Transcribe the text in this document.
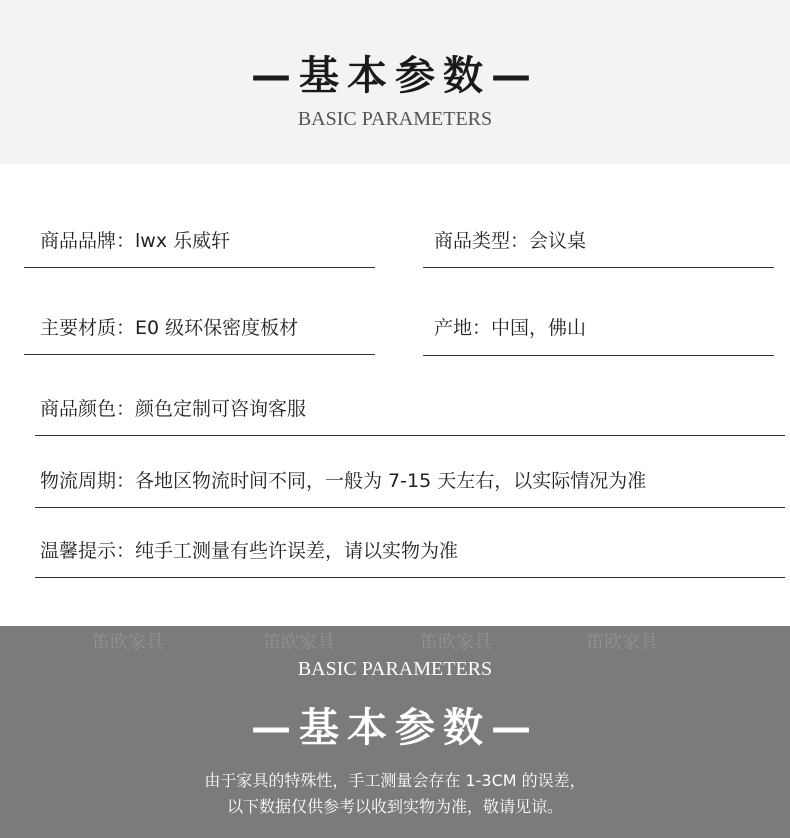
—基本参数—
BASIC PARAMETERS
商品品牌：lwx 乐威轩	商品类型：会议桌
主要材质：E0 级环保密度板材	产地：中国，佛山
商品颜色：颜色定制可咨询客服
物流周期：各地区物流时间不同，一般为 7-15 天左右，以实际情况为准
温馨提示：纯手工测量有些许误差，请以实物为准
笛欧家具	笛欧家具	笛欧家具	笛欧家具
BASIC PARAMETERS
—基本参数—
由于家具的特殊性，手工测量会存在 1-3CM 的误差，
以下数据仅供参考以收到实物为准，敬请见谅。
